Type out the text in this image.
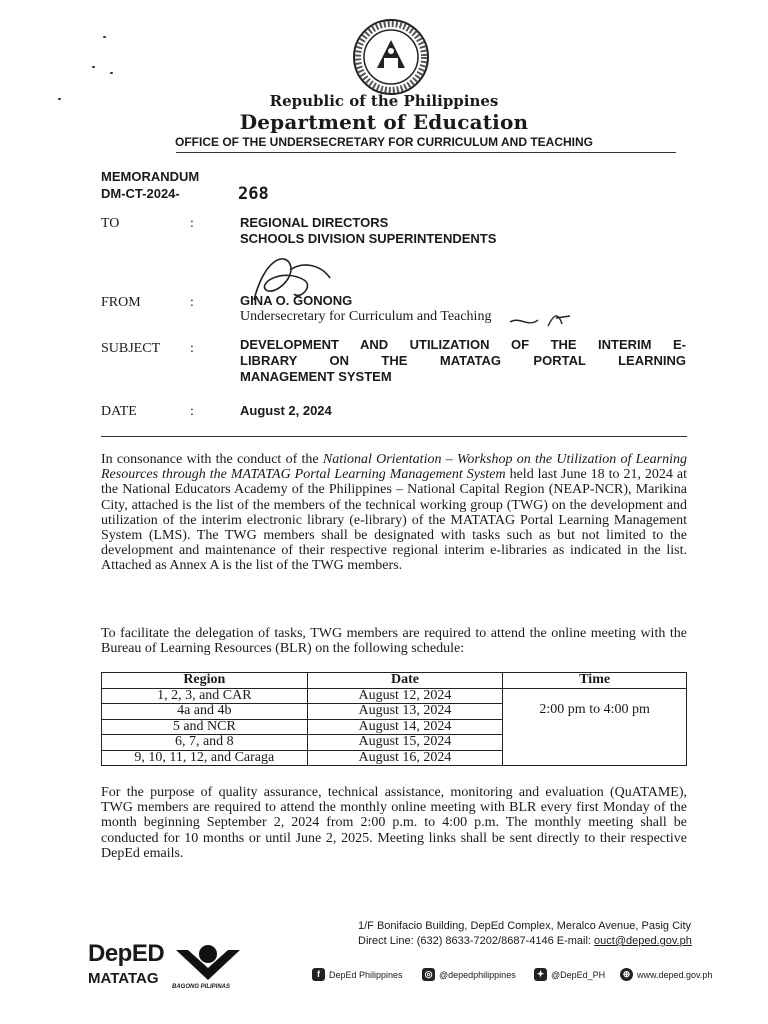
Republic of the Philippines
Department of Education
OFFICE OF THE UNDERSECRETARY FOR CURRICULUM AND TEACHING
MEMORANDUM
DM-CT-2024-	268
TO	:	REGIONAL DIRECTORS
SCHOOLS DIVISION SUPERINTENDENTS
FROM	:	GINA O. GONONG
Undersecretary for Curriculum and Teaching
SUBJECT :	DEVELOPMENT AND UTILIZATION OF THE INTERIM E-
LIBRARY ON THE MATATAG PORTAL LEARNING
MANAGEMENT SYSTEM
DATE	:	August 2, 2024
In consonance with the conduct of the National Orientation – Workshop on the Utilization of Learning Resources through the MATATAG Portal Learning Management System held last June 18 to 21, 2024 at the National Educators Academy of the Philippines – National Capital Region (NEAP-NCR), Marikina City, attached is the list of the members of the technical working group (TWG) on the development and utilization of the interim electronic library (e-library) of the MATATAG Portal Learning Management System (LMS). The TWG members shall be designated with tasks such as but not limited to the development and maintenance of their respective regional interim e-libraries as indicated in the list. Attached as Annex A is the list of the TWG members.
To facilitate the delegation of tasks, TWG members are required to attend the online meeting with the Bureau of Learning Resources (BLR) on the following schedule:
Region	Date	Time
1, 2, 3, and CAR	August 12, 2024	2:00 pm to 4:00 pm
4a and 4b	August 13, 2024	
5 and NCR	August 14, 2024	
6, 7, and 8	August 15, 2024	
9, 10, 11, 12, and Caraga	August 16, 2024	
For the purpose of quality assurance, technical assistance, monitoring and evaluation (QuATAME), TWG members are required to attend the monthly online meeting with BLR every first Monday of the month beginning September 2, 2024 from 2:00 p.m. to 4:00 p.m. The monthly meeting shall be conducted for 10 months or until June 2, 2025. Meeting links shall be sent directly to their respective DepEd emails.
DepED
MATATAG	BAGONG PILIPINAS
1/F Bonifacio Building, DepEd Complex, Meralco Avenue, Pasig City
Direct Line: (632) 8633-7202/8687-4146 E-mail: ouct@deped.gov.ph
f	DepEd Philippines ◎ @depedphilippines	✦ @DepEd_PH	⊕ www.deped.gov.ph
